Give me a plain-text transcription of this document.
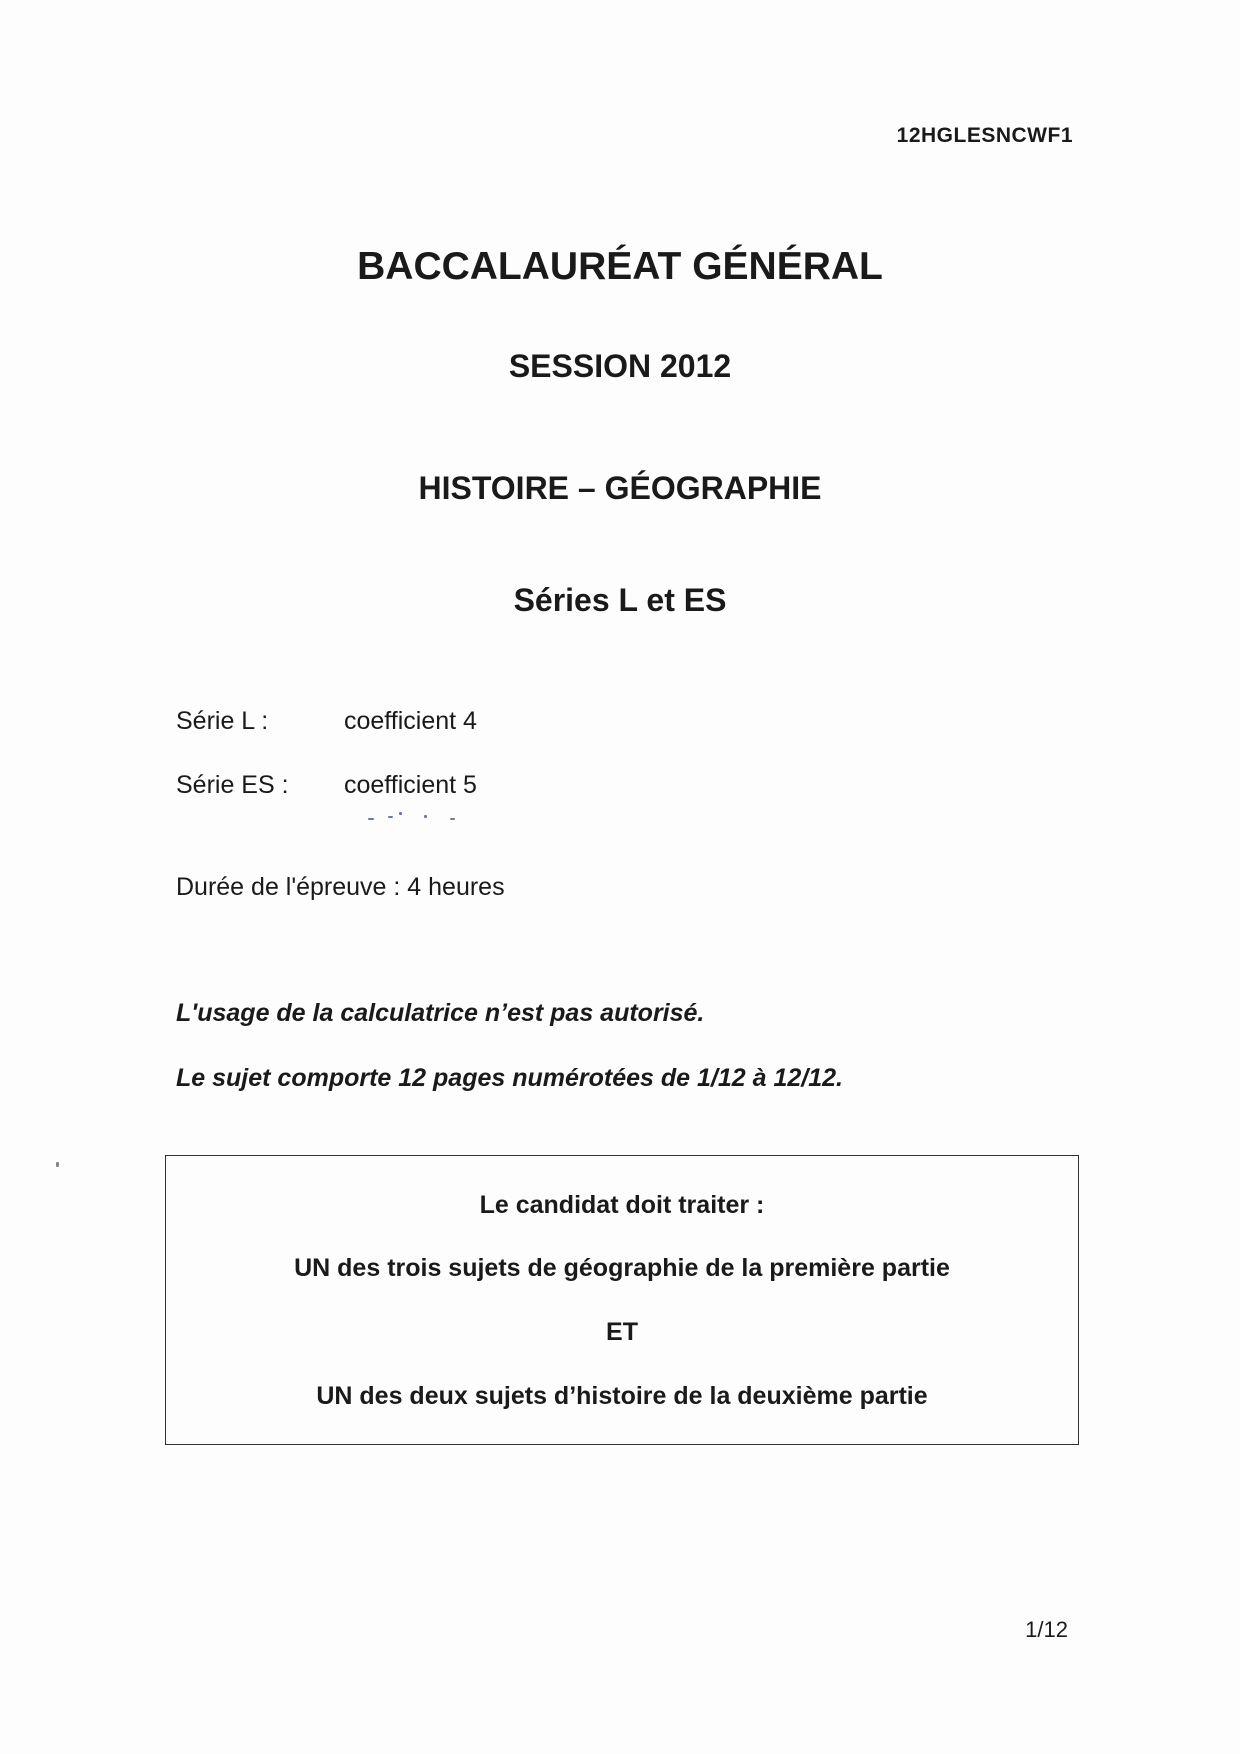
12HGLESNCWF1
BACCALAURÉAT GÉNÉRAL
SESSION 2012
HISTOIRE – GÉOGRAPHIE
Séries L et ES
Série L :	coefficient 4
Série ES : coefficient 5
Durée de l'épreuve : 4 heures
L'usage de la calculatrice n’est pas autorisé.
Le sujet comporte 12 pages numérotées de 1/12 à 12/12.
Le candidat doit traiter :
UN des trois sujets de géographie de la première partie
ET
UN des deux sujets d’histoire de la deuxième partie
1/12
